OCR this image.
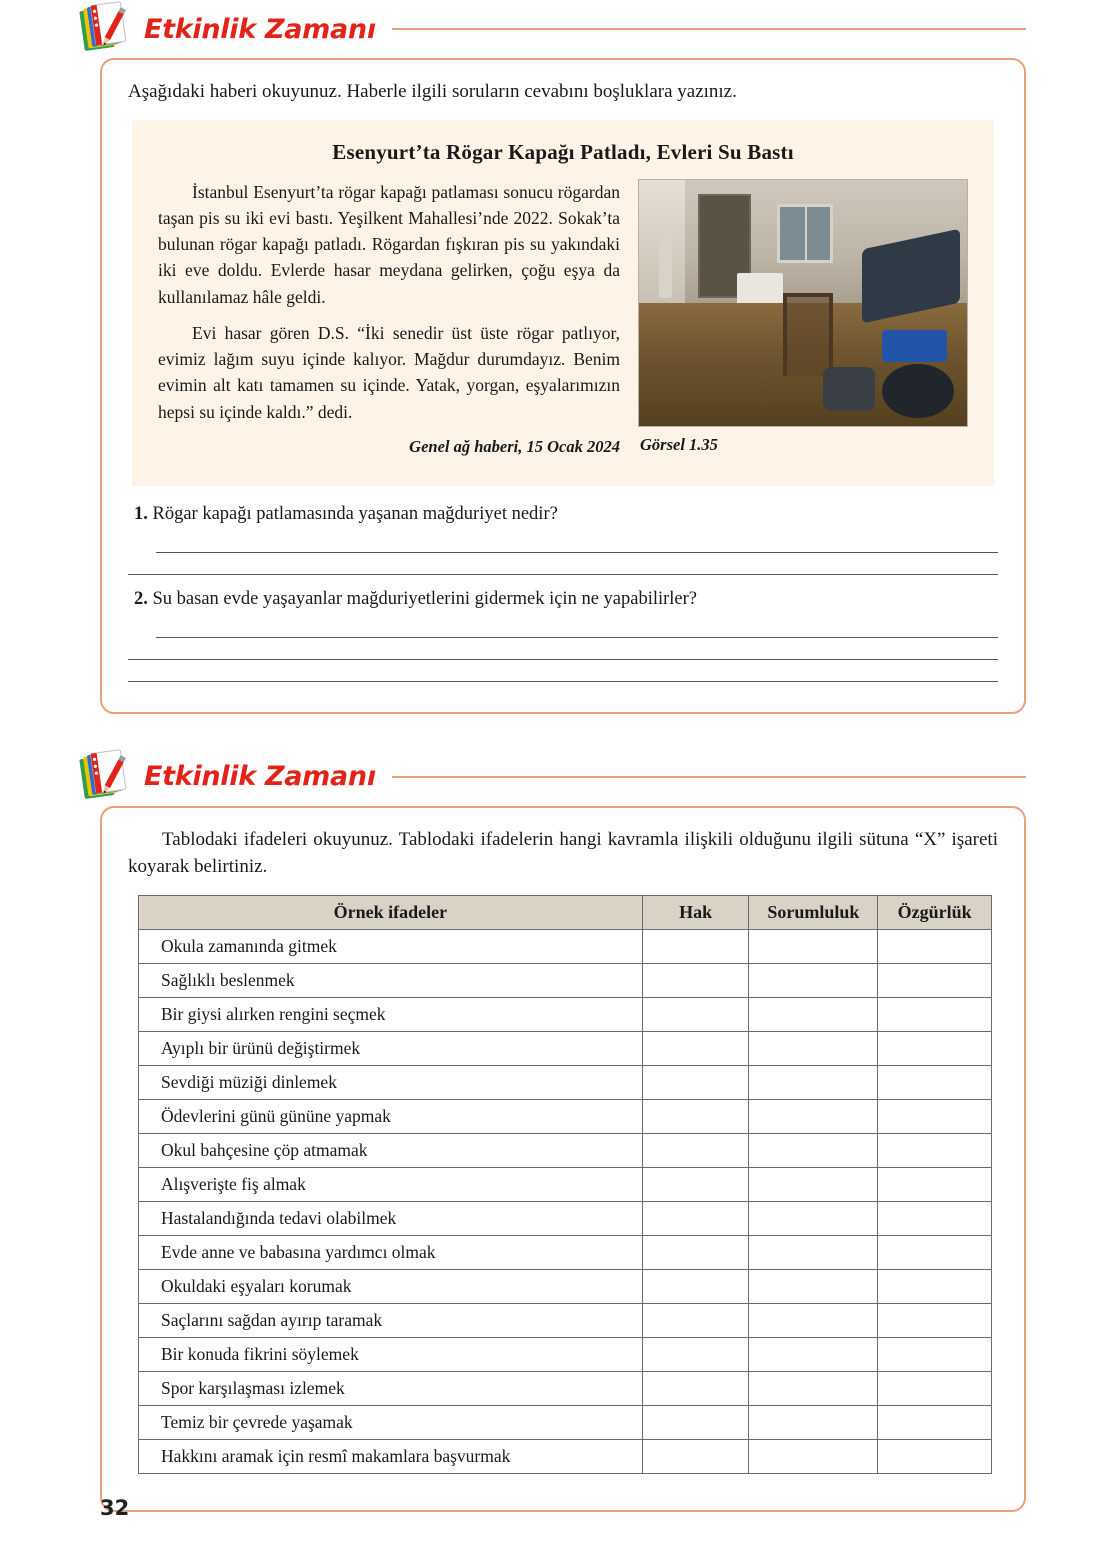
Etkinlik Zamanı

Aşağıdaki haberi okuyunuz. Haberle ilgili soruların cevabını boşluklara yazınız.

Esenyurt’ta Rögar Kapağı Patladı, Evleri Su Bastı

İstanbul Esenyurt’ta rögar kapağı patlaması sonucu rögardan taşan pis su iki evi bastı. Yeşilkent Mahallesi’nde 2022. Sokak’ta bulunan rögar kapağı patladı. Rögardan fışkıran pis su yakındaki iki eve doldu. Evlerde hasar meydana gelirken, çoğu eşya da kullanılamaz hâle geldi.

Evi hasar gören D.S. “İki senedir üst üste rögar patlıyor, evimiz lağım suyu içinde kalıyor. Mağdur durumdayız. Benim evimin alt katı tamamen su içinde. Yatak, yorgan, eşyalarımızın hepsi su içinde kaldı.” dedi.

Genel ağ haberi, 15 Ocak 2024 Görsel 1.35
1. Rögar kapağı patlamasında yaşanan mağduriyet nedir?
2. Su basan evde yaşayanlar mağduriyetlerini gidermek için ne yapabilirler?
Etkinlik Zamanı

Tablodaki ifadeleri okuyunuz. Tablodaki ifadelerin hangi kavramla ilişkili olduğunu ilgili sütuna “X” işareti koyarak belirtiniz.

Örnek ifadeler	Hak	Sorumluluk	Özgürlük
Okula zamanında gitmek			
Sağlıklı beslenmek			
Bir giysi alırken rengini seçmek			
Ayıplı bir ürünü değiştirmek			
Sevdiği müziği dinlemek			
Ödevlerini günü gününe yapmak			
Okul bahçesine çöp atmamak			
Alışverişte fiş almak			
Hastalandığında tedavi olabilmek			
Evde anne ve babasına yardımcı olmak			
Okuldaki eşyaları korumak			
Saçlarını sağdan ayırıp taramak			
Bir konuda fikrini söylemek			
Spor karşılaşması izlemek			
Temiz bir çevrede yaşamak			
Hakkını aramak için resmî makamlara başvurmak			
32
